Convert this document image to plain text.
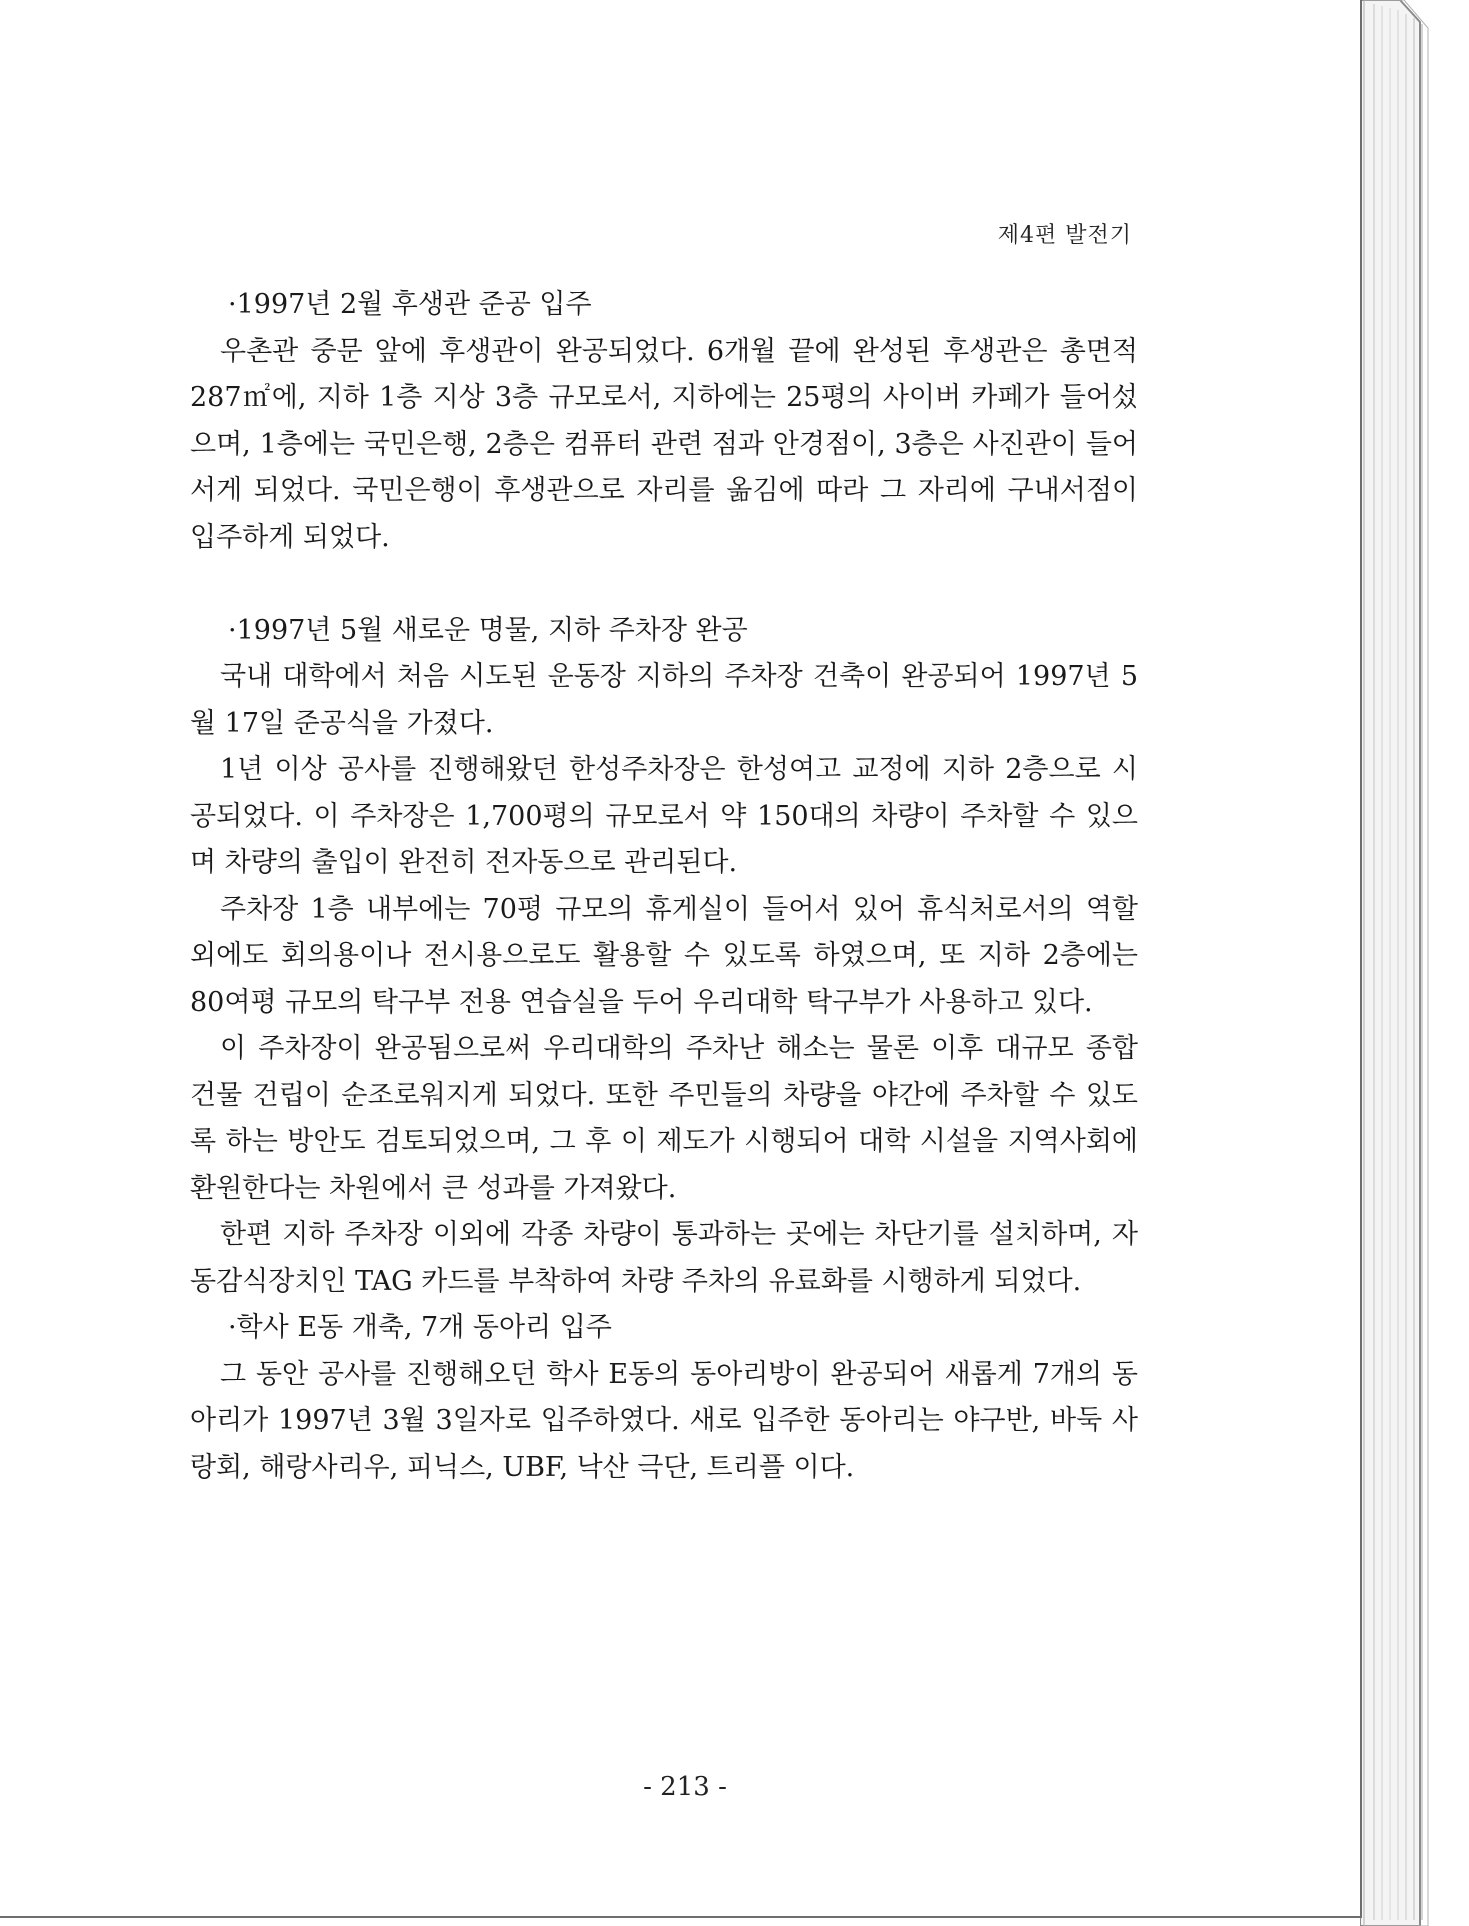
제4편 발전기

·1997년 2월 후생관 준공 입주

우촌관 중문 앞에 후생관이 완공되었다. 6개월 끝에 완성된 후생관은 총면적 287㎡에, 지하 1층 지상 3층 규모로서, 지하에는 25평의 사이버 카페가 들어섰으며, 1층에는 국민은행, 2층은 컴퓨터 관련 점과 안경점이, 3층은 사진관이 들어서게 되었다. 국민은행이 후생관으로 자리를 옮김에 따라 그 자리에 구내서점이 입주하게 되었다.

·1997년 5월 새로운 명물, 지하 주차장 완공

국내 대학에서 처음 시도된 운동장 지하의 주차장 건축이 완공되어 1997년 5월 17일 준공식을 가졌다.

1년 이상 공사를 진행해왔던 한성주차장은 한성여고 교정에 지하 2층으로 시공되었다. 이 주차장은 1,700평의 규모로서 약 150대의 차량이 주차할 수 있으며 차량의 출입이 완전히 전자동으로 관리된다.

주차장 1층 내부에는 70평 규모의 휴게실이 들어서 있어 휴식처로서의 역할 외에도 회의용이나 전시용으로도 활용할 수 있도록 하였으며, 또 지하 2층에는 80여평 규모의 탁구부 전용 연습실을 두어 우리대학 탁구부가 사용하고 있다.

이 주차장이 완공됨으로써 우리대학의 주차난 해소는 물론 이후 대규모 종합 건물 건립이 순조로워지게 되었다. 또한 주민들의 차량을 야간에 주차할 수 있도록 하는 방안도 검토되었으며, 그 후 이 제도가 시행되어 대학 시설을 지역사회에 환원한다는 차원에서 큰 성과를 가져왔다.

한편 지하 주차장 이외에 각종 차량이 통과하는 곳에는 차단기를 설치하며, 자동감식장치인 TAG 카드를 부착하여 차량 주차의 유료화를 시행하게 되었다.

·학사 E동 개축, 7개 동아리 입주

그 동안 공사를 진행해오던 학사 E동의 동아리방이 완공되어 새롭게 7개의 동아리가 1997년 3월 3일자로 입주하였다. 새로 입주한 동아리는 야구반, 바둑 사랑회, 해랑사리우, 피닉스, UBF, 낙산 극단, 트리플 이다.

- 213 -
